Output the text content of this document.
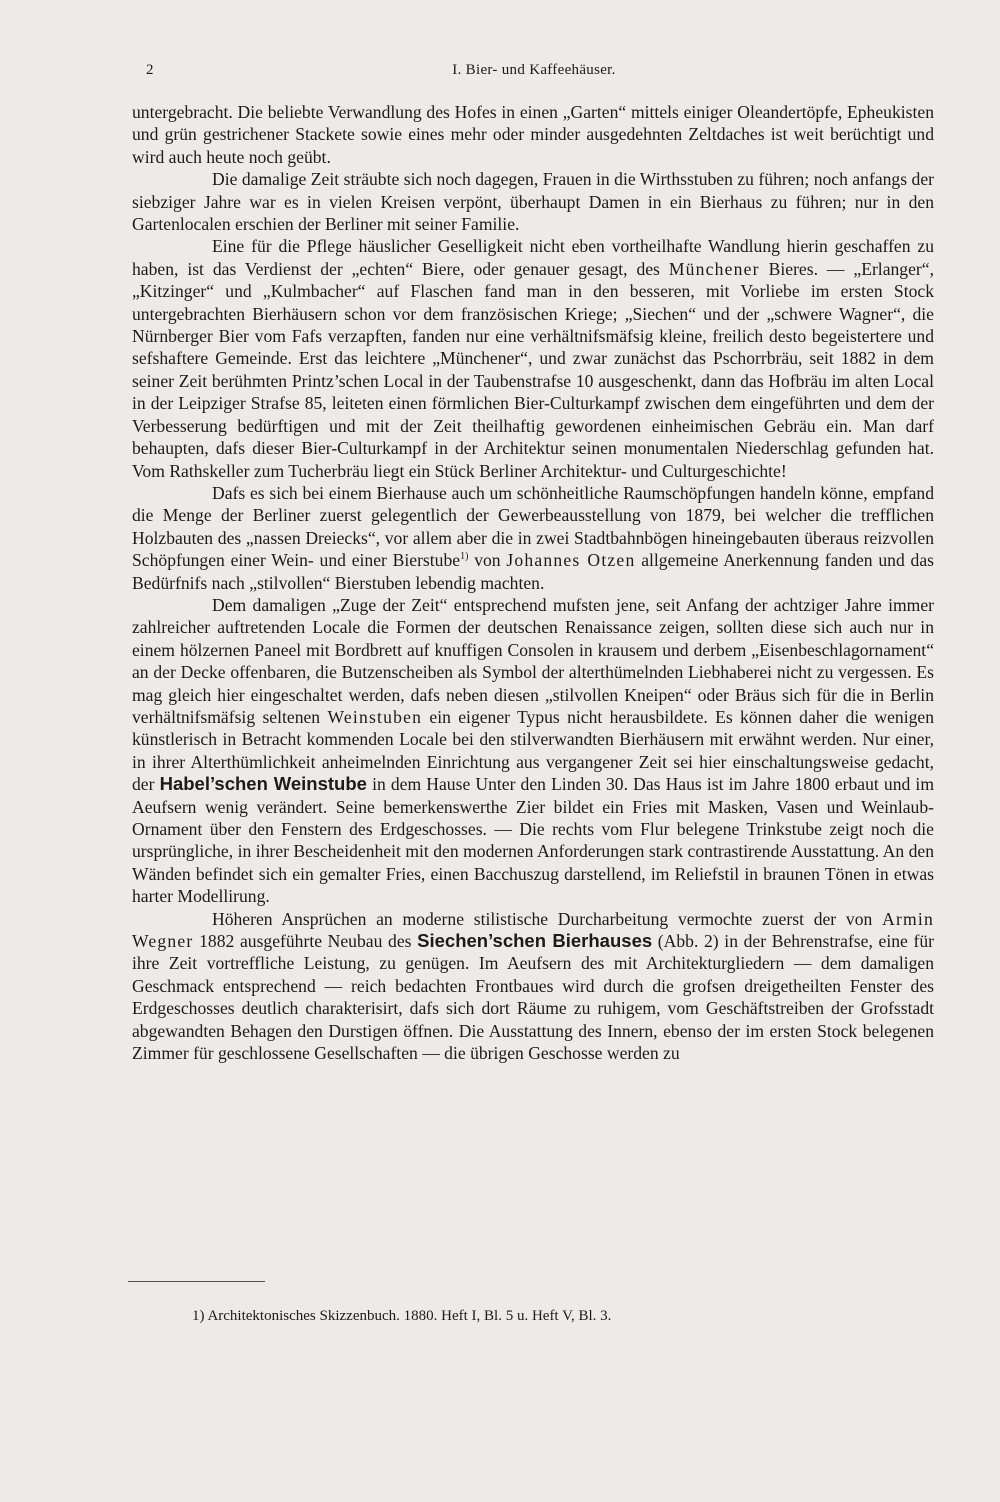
2	I. Bier- und Kaffeehäuser.

untergebracht. Die beliebte Verwandlung des Hofes in einen „Garten“ mittels einiger Oleandertöpfe, Epheukisten und grün gestrichener Stackete sowie eines mehr oder minder ausgedehnten Zeltdaches ist weit berüchtigt und wird auch heute noch geübt.

Die damalige Zeit sträubte sich noch dagegen, Frauen in die Wirthsstuben zu führen; noch anfangs der siebziger Jahre war es in vielen Kreisen verpönt, überhaupt Damen in ein Bierhaus zu führen; nur in den Gartenlocalen erschien der Berliner mit seiner Familie.

Eine für die Pflege häuslicher Geselligkeit nicht eben vortheilhafte Wandlung hierin geschaffen zu haben, ist das Verdienst der „echten“ Biere, oder genauer gesagt, des Münchener Bieres. — „Erlanger“, „Kitzinger“ und „Kulmbacher“ auf Flaschen fand man in den besseren, mit Vorliebe im ersten Stock untergebrachten Bierhäusern schon vor dem französischen Kriege; „Siechen“ und der „schwere Wagner“, die Nürnberger Bier vom Fafs verzapften, fanden nur eine verhältnifsmäfsig kleine, freilich desto begeistertere und sefshaftere Gemeinde. Erst das leichtere „Münchener“, und zwar zunächst das Pschorrbräu, seit 1882 in dem seiner Zeit berühmten Printz’schen Local in der Taubenstrafse 10 ausgeschenkt, dann das Hofbräu im alten Local in der Leipziger Strafse 85, leiteten einen förmlichen Bier-Culturkampf zwischen dem eingeführten und dem der Verbesserung bedürftigen und mit der Zeit theilhaftig gewordenen einheimischen Gebräu ein. Man darf behaupten, dafs dieser Bier-Culturkampf in der Architektur seinen monumentalen Niederschlag gefunden hat. Vom Rathskeller zum Tucherbräu liegt ein Stück Berliner Architektur- und Culturgeschichte!

Dafs es sich bei einem Bierhause auch um schönheitliche Raumschöpfungen handeln könne, empfand die Menge der Berliner zuerst gelegentlich der Gewerbeausstellung von 1879, bei welcher die trefflichen Holzbauten des „nassen Dreiecks“, vor allem aber die in zwei Stadtbahnbögen hineingebauten überaus reizvollen Schöpfungen einer Wein- und einer Bierstube$^{1)}$ von Johannes Otzen allgemeine Anerkennung fanden und das Bedürfnifs nach „stilvollen“ Bierstuben lebendig machten.

Dem damaligen „Zuge der Zeit“ entsprechend mufsten jene, seit Anfang der achtziger Jahre immer zahlreicher auftretenden Locale die Formen der deutschen Renaissance zeigen, sollten diese sich auch nur in einem hölzernen Paneel mit Bordbrett auf knuffigen Consolen in krausem und derbem „Eisenbeschlagornament“ an der Decke offenbaren, die Butzenscheiben als Symbol der alterthümelnden Liebhaberei nicht zu vergessen. Es mag gleich hier eingeschaltet werden, dafs neben diesen „stilvollen Kneipen“ oder Bräus sich für die in Berlin verhältnifsmäfsig seltenen Weinstuben ein eigener Typus nicht herausbildete. Es können daher die wenigen künstlerisch in Betracht kommenden Locale bei den stilverwandten Bierhäusern mit erwähnt werden. Nur einer, in ihrer Alterthümlichkeit anheimelnden Einrichtung aus vergangener Zeit sei hier einschaltungsweise gedacht, der Habel’schen Weinstube in dem Hause Unter den Linden 30. Das Haus ist im Jahre 1800 erbaut und im Aeufsern wenig verändert. Seine bemerkenswerthe Zier bildet ein Fries mit Masken, Vasen und Weinlaub-Ornament über den Fenstern des Erdgeschosses. — Die rechts vom Flur belegene Trinkstube zeigt noch die ursprüngliche, in ihrer Bescheidenheit mit den modernen Anforderungen stark contrastirende Ausstattung. An den Wänden befindet sich ein gemalter Fries, einen Bacchuszug darstellend, im Reliefstil in braunen Tönen in etwas harter Modellirung.

Höheren Ansprüchen an moderne stilistische Durcharbeitung vermochte zuerst der von Armin Wegner 1882 ausgeführte Neubau des Siechen’schen Bierhauses (Abb. 2) in der Behrenstrafse, eine für ihre Zeit vortreffliche Leistung, zu genügen. Im Aeufsern des mit Architekturgliedern — dem damaligen Geschmack entsprechend — reich bedachten Frontbaues wird durch die grofsen dreigetheilten Fenster des Erdgeschosses deutlich charakterisirt, dafs sich dort Räume zu ruhigem, vom Geschäftstreiben der Grofsstadt abgewandten Behagen den Durstigen öffnen. Die Ausstattung des Innern, ebenso der im ersten Stock belegenen Zimmer für geschlossene Gesellschaften — die übrigen Geschosse werden zu

1) Architektonisches Skizzenbuch. 1880. Heft I, Bl. 5 u. Heft V, Bl. 3.
